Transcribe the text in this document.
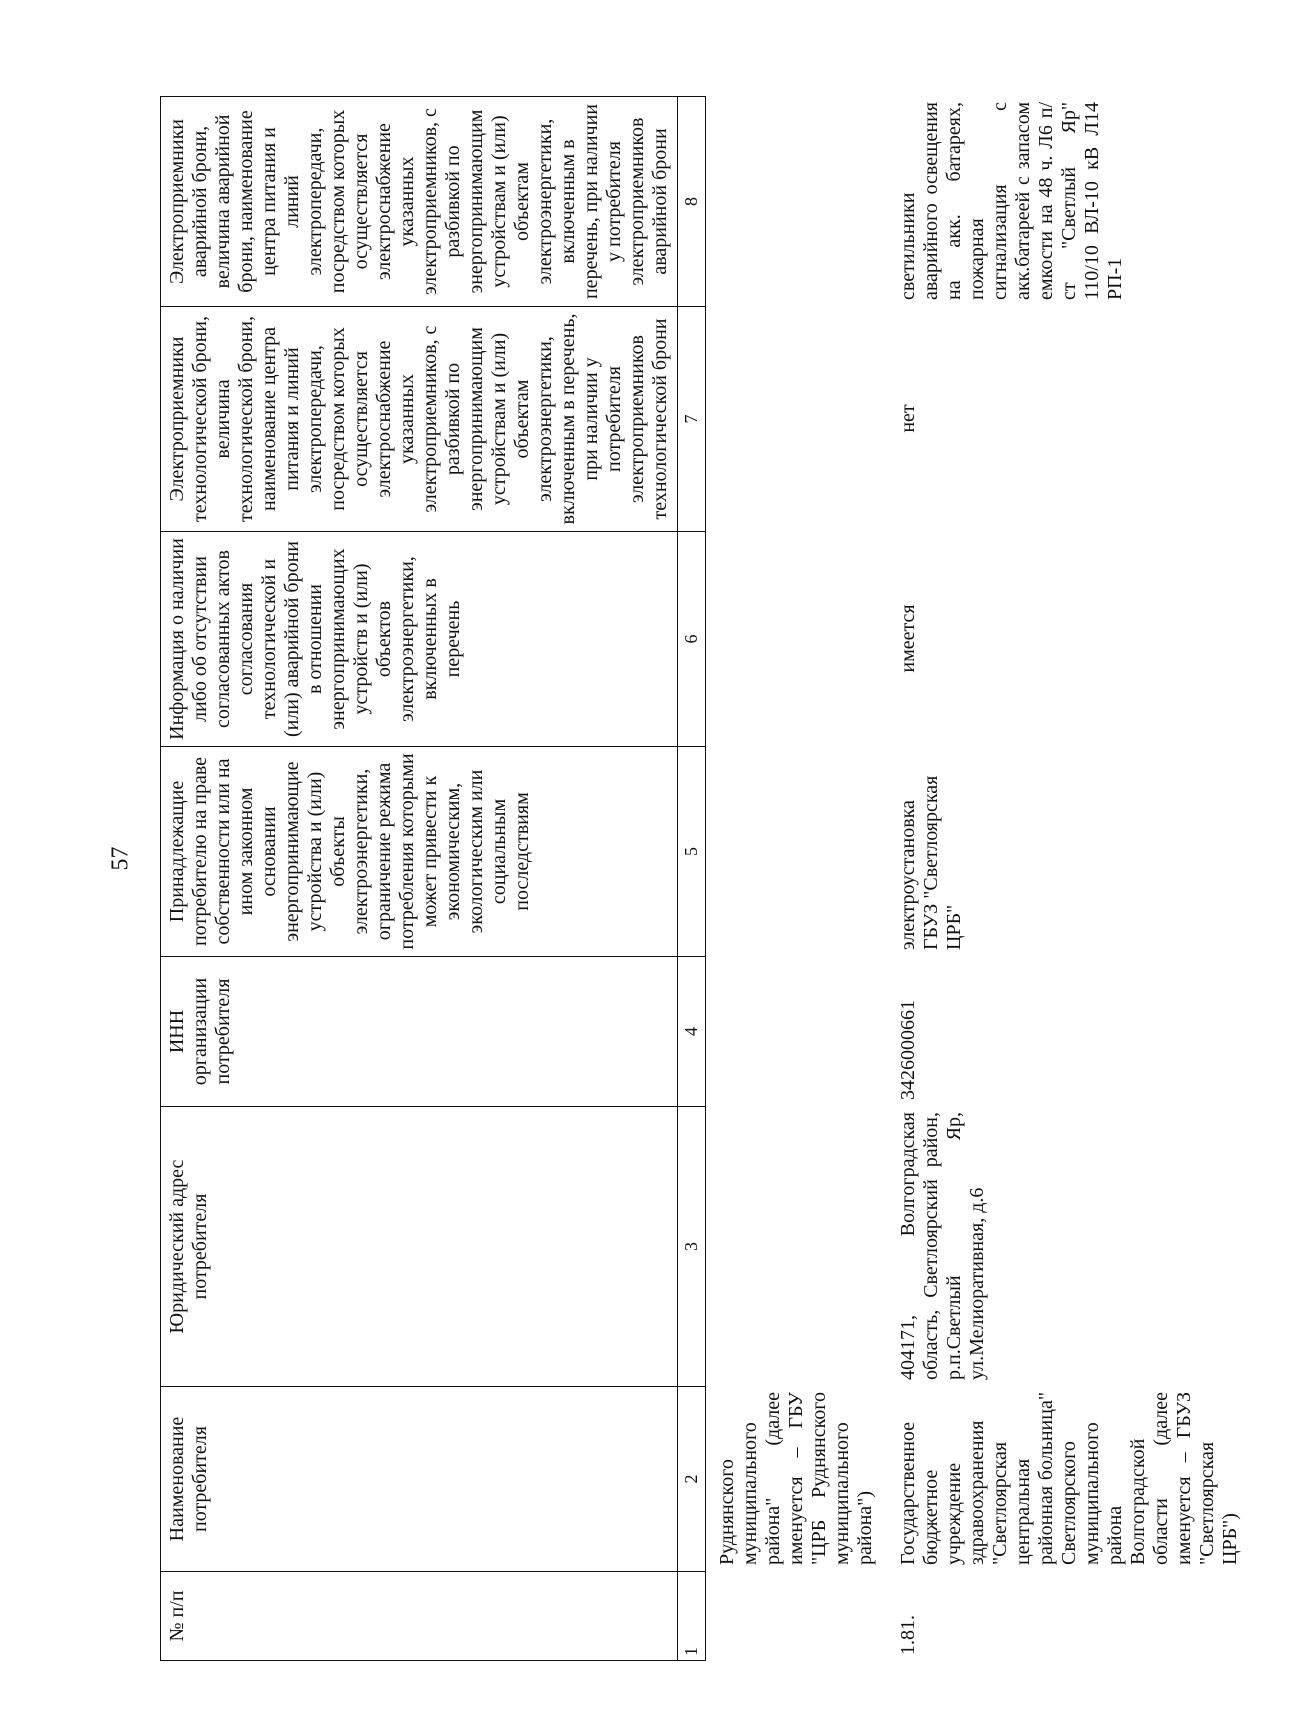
57
№ п/п
Наименование потребителя
Юридический адрес потребителя
ИНН организации потребителя
Принадлежащие потребителю на праве собственности или на ином законном основании энергопринимающие устройства и (или) объекты электроэнергетики, ограничение режима потребления которыми может привести к экономическим, экологическим или социальным последствиям
Информация о наличии либо об отсутствии согласованных актов согласования технологической и (или) аварийной брони в отношении энергопринимающих устройств и (или) объектов электроэнергетики, включенных в перечень
Электроприемники технологической брони, величина технологической брони, наименование центра питания и линий электропередачи, посредством которых осуществляется электроснабжение указанных электроприемников, с разбивкой по энергопринимающим устройствам и (или) объектам электроэнергетики, включенным в перечень, при наличии у потребителя электроприемников технологической брони
Электроприемники аварийной брони, величина аварийной брони, наименование центра питания и линий электропередачи, посредством которых осуществляется электроснабжение указанных электроприемников, с разбивкой по энергопринимающим устройствам и (или) объектам электроэнергетики, включенным в перечень, при наличии у потребителя электроприемников аварийной брони
1
2
3
4
5
6
7
8
Руднянского муниципального района" (далее именуется – ГБУ "ЦРБ Руднянского муниципального района")
1.81.
Государственное бюджетное учреждение здравоохранения "Светлоярская центральная районная больница" Светлоярского муниципального района Волгоградской области (далее именуется – ГБУЗ "Светлоярская ЦРБ")
404171, Волгоградская область, Светлоярский район, р.п.Светлый Яр, ул.Мелиоративная, д.6
3426000661
электроустановка ГБУЗ "Светлоярская ЦРБ"
имеется
нет
светильники аварийного освещения на акк. батареях, пожарная сигнализация с акк.батареей с запасом емкости на 48 ч. Л6 п/ст "Светлый Яр" 110/10 ВЛ-10 кВ Л14 РП-1
